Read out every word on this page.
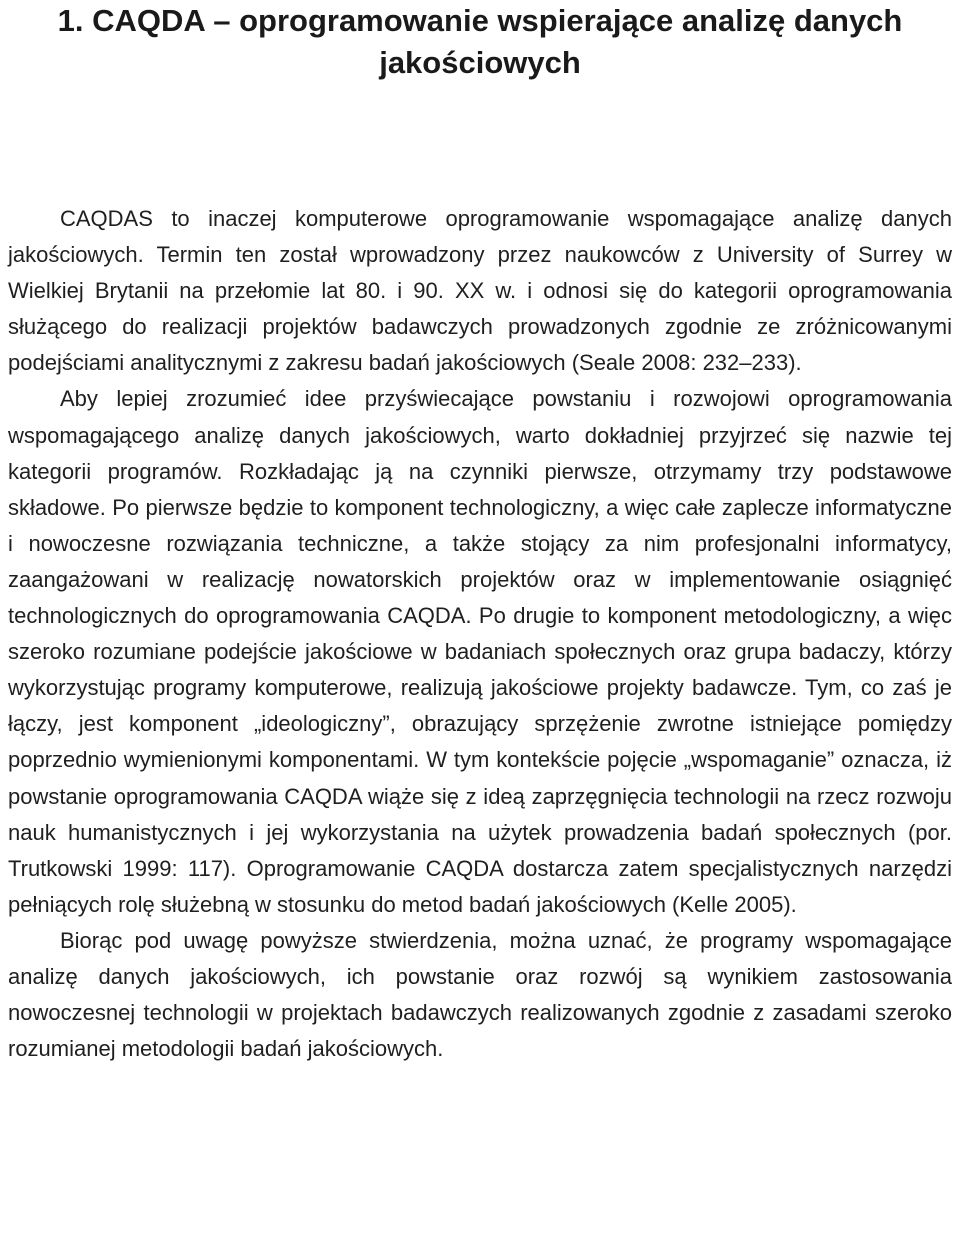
1. CAQDA – oprogramowanie wspierające analizę danych jakościowych

CAQDAS to inaczej komputerowe oprogramowanie wspomagające analizę danych jakościowych. Termin ten został wprowadzony przez naukowców z University of Surrey w Wielkiej Brytanii na przełomie lat 80. i 90. XX w. i odnosi się do kategorii oprogramowania służącego do realizacji projektów badawczych prowadzonych zgodnie ze zróżnicowanymi podejściami analitycznymi z zakresu badań jakościowych (Seale 2008: 232–233).

Aby lepiej zrozumieć idee przyświecające powstaniu i rozwojowi oprogramowania wspomagającego analizę danych jakościowych, warto dokładniej przyjrzeć się nazwie tej kategorii programów. Rozkładając ją na czynniki pierwsze, otrzymamy trzy podstawowe składowe. Po pierwsze będzie to komponent technologiczny, a więc całe zaplecze informatyczne i nowoczesne rozwiązania techniczne, a także stojący za nim profesjonalni informatycy, zaangażowani w realizację nowatorskich projektów oraz w implementowanie osiągnięć technologicznych do oprogramowania CAQDA. Po drugie to komponent metodologiczny, a więc szeroko rozumiane podejście jakościowe w badaniach społecznych oraz grupa badaczy, którzy wykorzystując programy komputerowe, realizują jakościowe projekty badawcze. Tym, co zaś je łączy, jest komponent „ideologiczny”, obrazujący sprzężenie zwrotne istniejące pomiędzy poprzednio wymienionymi komponentami. W tym kontekście pojęcie „wspomaganie” oznacza, iż powstanie oprogramowania CAQDA wiąże się z ideą zaprzęgnięcia technologii na rzecz rozwoju nauk humanistycznych i jej wykorzystania na użytek prowadzenia badań społecznych (por. Trutkowski 1999: 117). Oprogramowanie CAQDA dostarcza zatem specjalistycznych narzędzi pełniących rolę służebną w stosunku do metod badań jakościowych (Kelle 2005).

Biorąc pod uwagę powyższe stwierdzenia, można uznać, że programy wspomagające analizę danych jakościowych, ich powstanie oraz rozwój są wynikiem zastosowania nowoczesnej technologii w projektach badawczych realizowanych zgodnie z zasadami szeroko rozumianej metodologii badań jakościowych.
